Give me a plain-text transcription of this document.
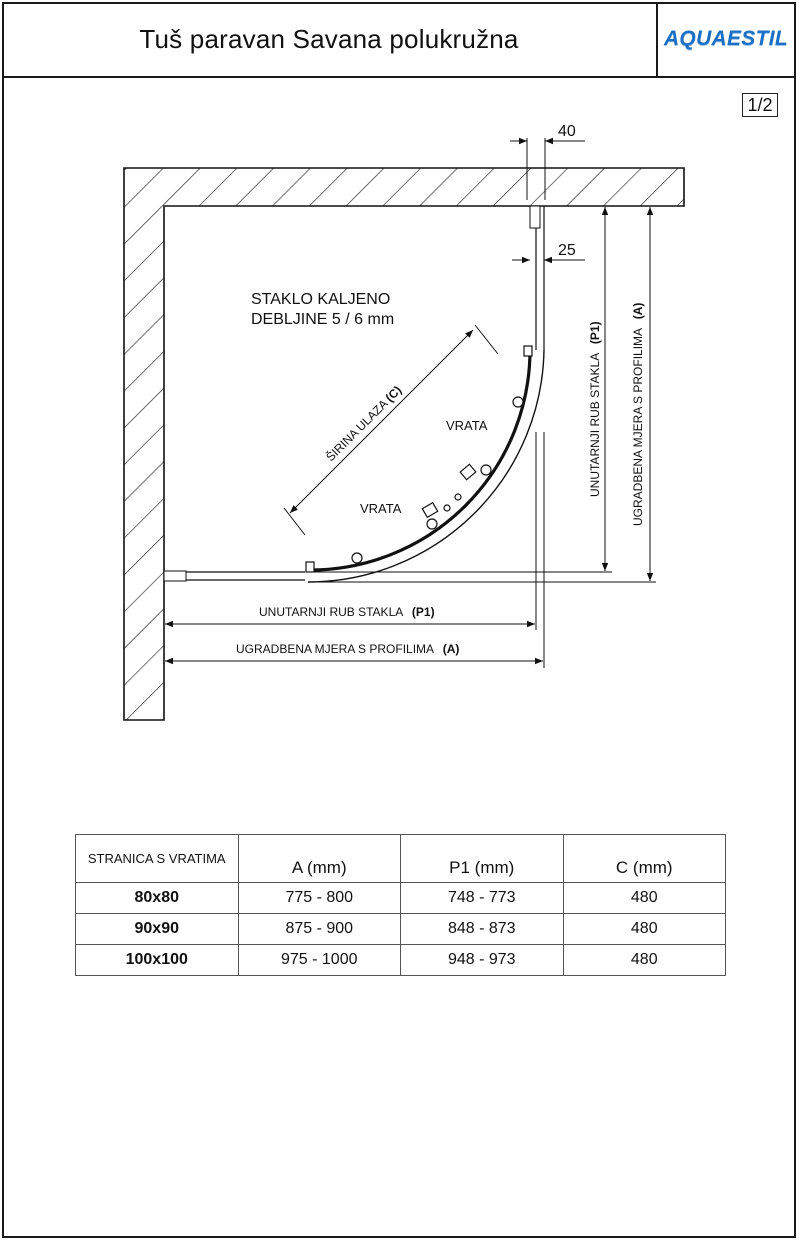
Tuš paravan Savana polukružna	AQUAESTIL
1/2
40
25
STAKLO KALJENO
DEBLJINE 5 / 6 mm
VRATA
VRATA
ŠIRINA ULAZA (C)
UNUTARNJI RUB STAKLA (P1)
UGRADBENA MJERA S PROFILIMA (A)
UNUTARNJI RUB STAKLA (P1) UGRADBENA MJERA S PROFILIMA (A)
STRANICA S VRATIMA	A (mm)	P1 (mm)	C (mm)
80x80	775 - 800	748 - 773	480
90x90	875 - 900	848 - 873	480
100x100	975 - 1000	948 - 973	480
